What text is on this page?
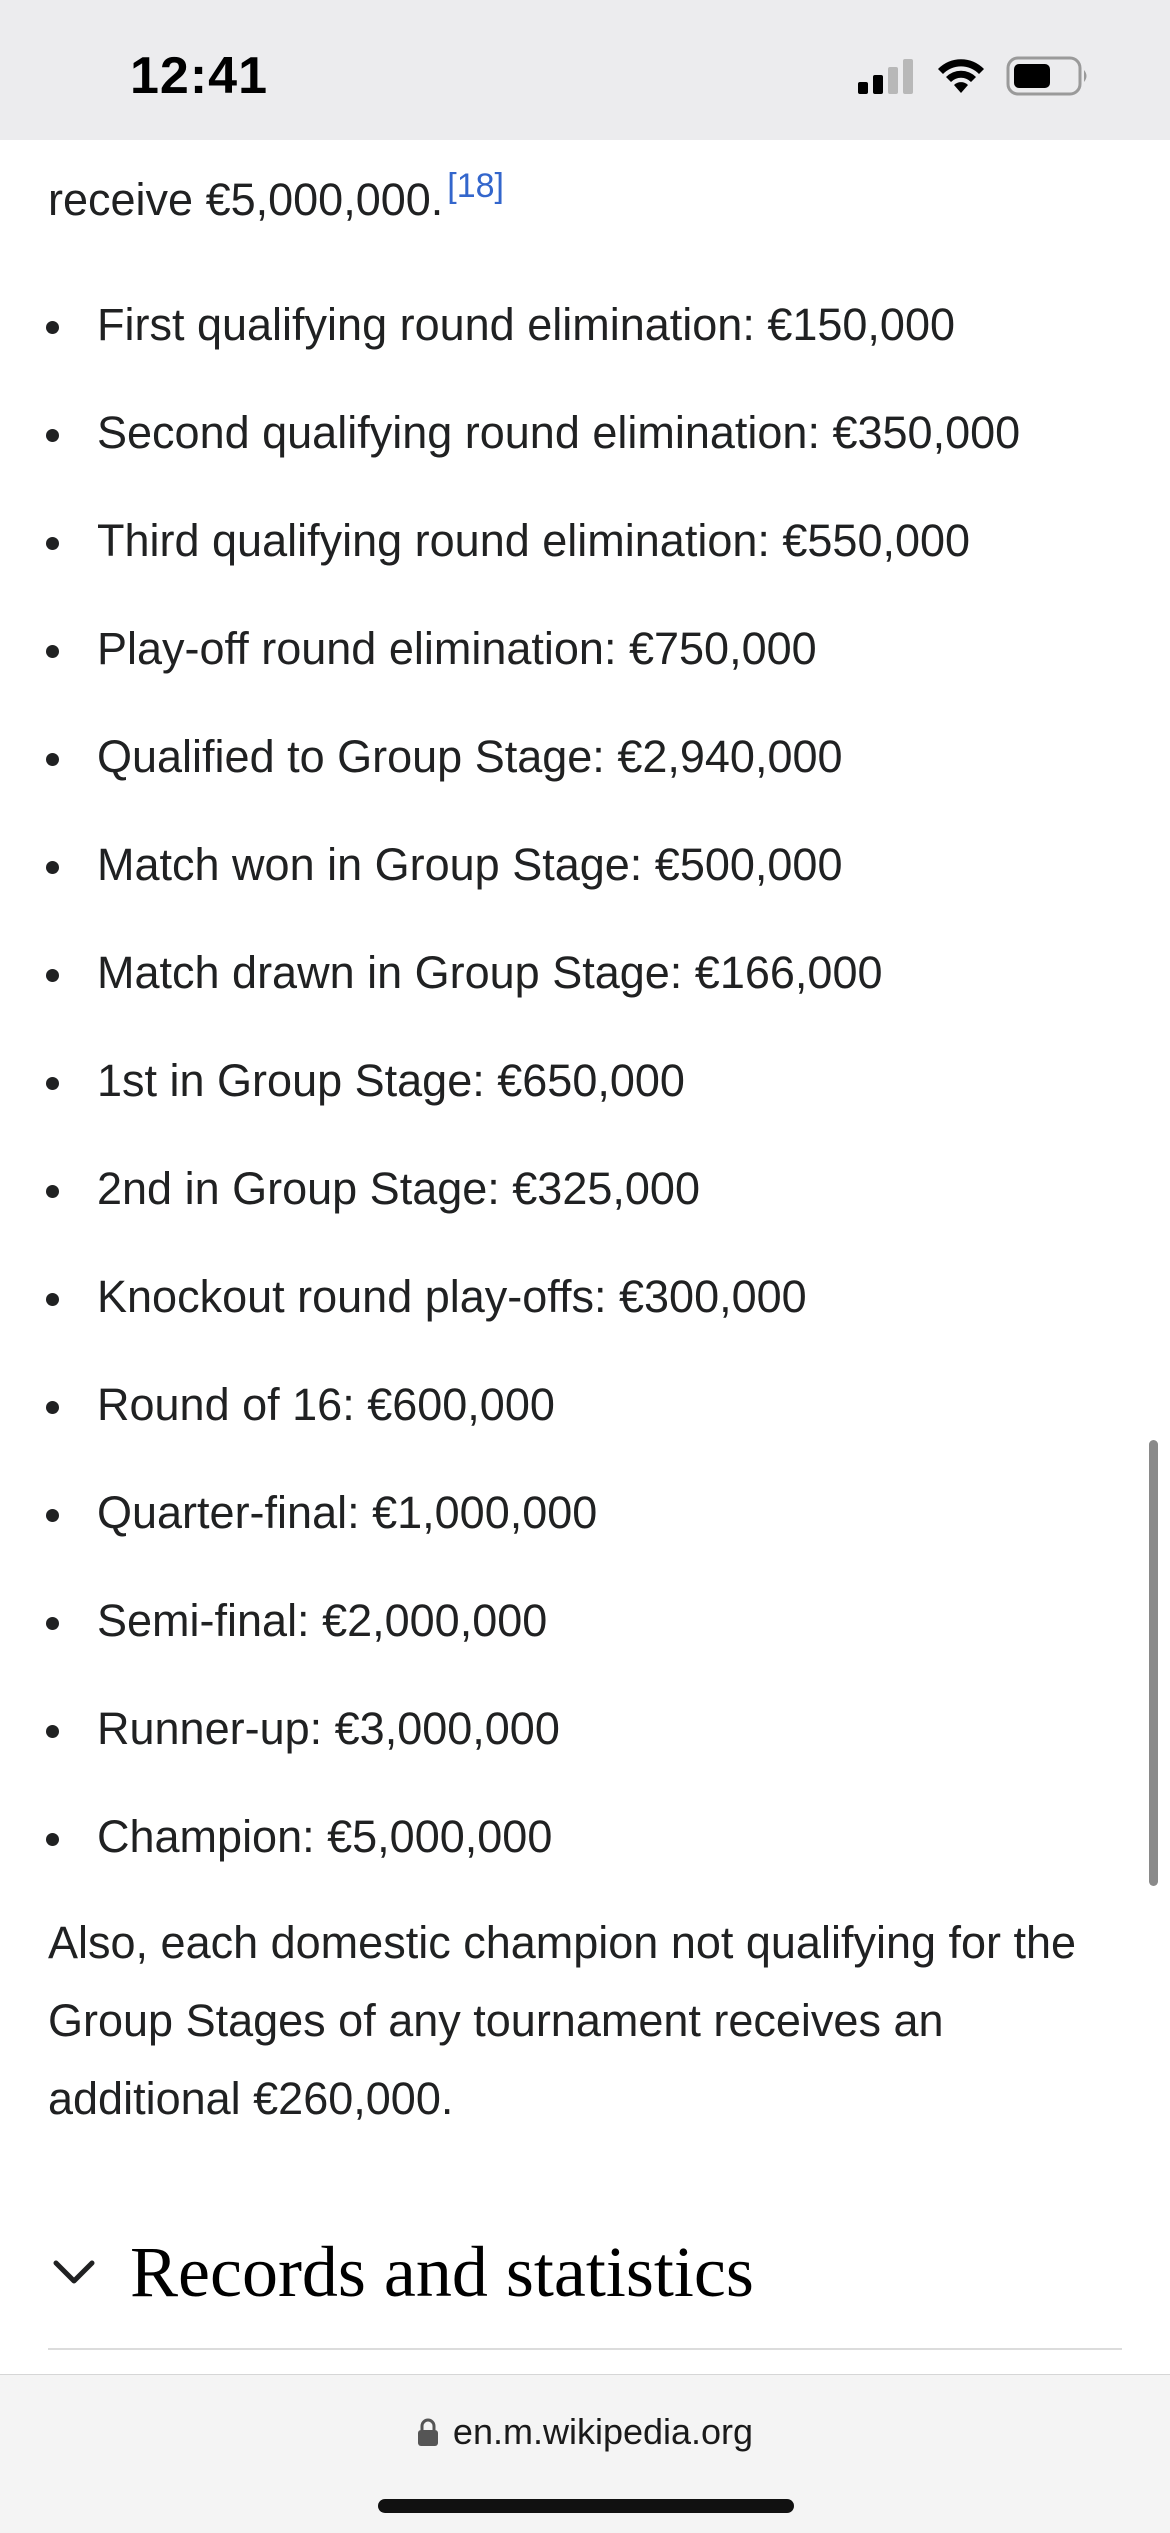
receive €5,000,000. [18]
First qualifying round elimination: €150,000
Second qualifying round elimination: €350,000
Third qualifying round elimination: €550,000
Play-off round elimination: €750,000
Qualified to Group Stage: €2,940,000
Match won in Group Stage: €500,000
Match drawn in Group Stage: €166,000
1st in Group Stage: €650,000
2nd in Group Stage: €325,000
Knockout round play-offs: €300,000
Round of 16: €600,000
Quarter-final: €1,000,000
Semi-final: €2,000,000
Runner-up: €3,000,000
Champion: €5,000,000
Also, each domestic champion not qualifying for the Group Stages of any tournament receives an additional €260,000.
Records and statistics
12:41
en.m.wikipedia.org
